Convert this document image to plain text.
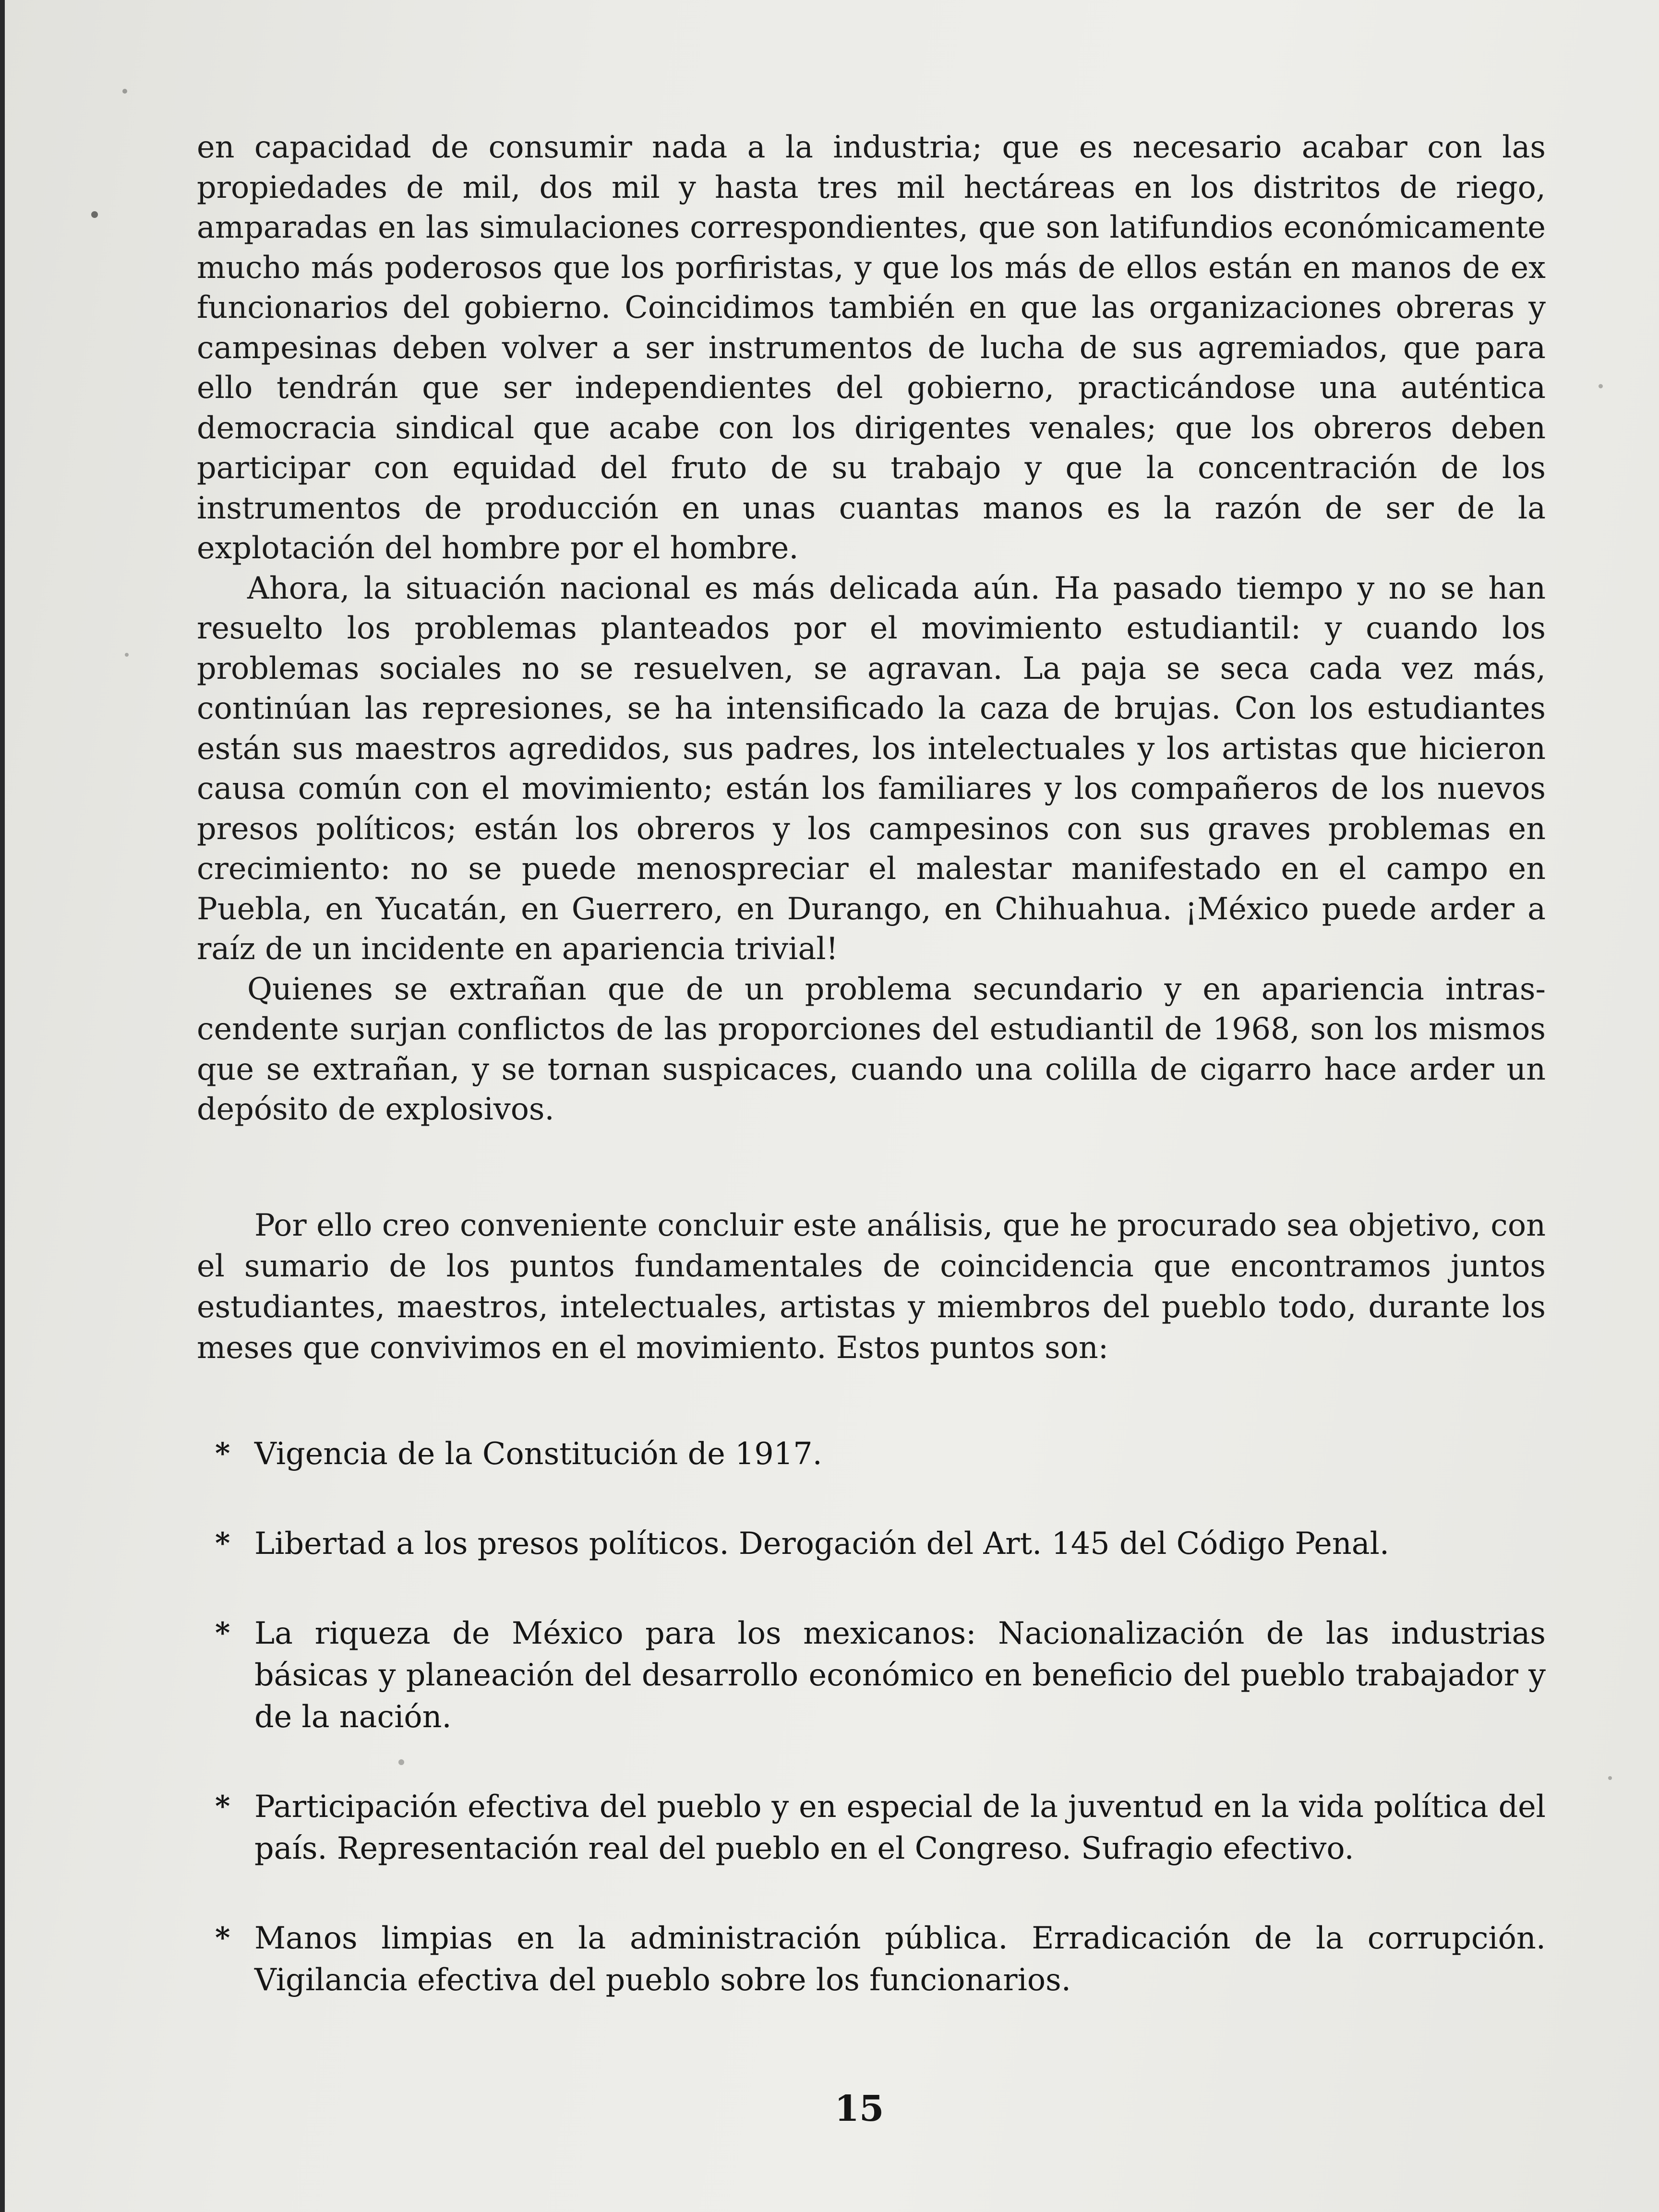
en capacidad de consumir nada a la industria; que es necesario acabar con las propiedades de mil, dos mil y hasta tres mil hectáreas en los distritos de riego, amparadas en las simulaciones correspondientes, que son latifundios económicamente mucho más poderosos que los porfiristas, y que los más de ellos están en manos de ex funcionarios del gobierno. Coincidimos también en que las organizaciones obreras y campesinas deben volver a ser instrumentos de lucha de sus agremiados, que para ello tendrán que ser independientes del gobierno, practicándose una auténtica democracia sindical que acabe con los dirigentes venales; que los obreros deben participar con equidad del fruto de su trabajo y que la concentración de los instrumentos de producción en unas cuantas manos es la razón de ser de la explotación del hombre por el hombre.

Ahora, la situación nacional es más delicada aún. Ha pasado tiempo y no se han resuelto los problemas planteados por el movimiento estudiantil: y cuando los problemas sociales no se resuelven, se agravan. La paja se seca cada vez más, continúan las represiones, se ha intensificado la caza de brujas. Con los estudiantes están sus maestros agredidos, sus padres, los intelectuales y los artistas que hicieron causa común con el movimiento; están los familiares y los compañeros de los nuevos presos políticos; están los obreros y los campesinos con sus graves problemas en crecimiento: no se puede menospreciar el malestar manifestado en el campo en Puebla, en Yucatán, en Guerrero, en Durango, en Chihuahua. ¡México puede arder a raíz de un incidente en apariencia trivial!

Quienes se extrañan que de un problema secundario y en apariencia intrascendente surjan conflictos de las proporciones del estudiantil de 1968, son los mismos que se extrañan, y se tornan suspicaces, cuando una colilla de cigarro hace arder un depósito de explosivos.

Por ello creo conveniente concluir este análisis, que he procurado sea objetivo, con el sumario de los puntos fundamentales de coincidencia que encontramos juntos estudiantes, maestros, intelectuales, artistas y miembros del pueblo todo, durante los meses que convivimos en el movimiento. Estos puntos son:

* Vigencia de la Constitución de 1917.
* Libertad a los presos políticos. Derogación del Art. 145 del Código Penal.
* La riqueza de México para los mexicanos: Nacionalización de las industrias básicas y planeación del desarrollo económico en beneficio del pueblo trabajador y de la nación.
* Participación efectiva del pueblo y en especial de la juventud en la vida política del país. Representación real del pueblo en el Congreso. Sufragio efectivo.
* Manos limpias en la administración pública. Erradicación de la corrupción. Vigilancia efectiva del pueblo sobre los funcionarios.
15
